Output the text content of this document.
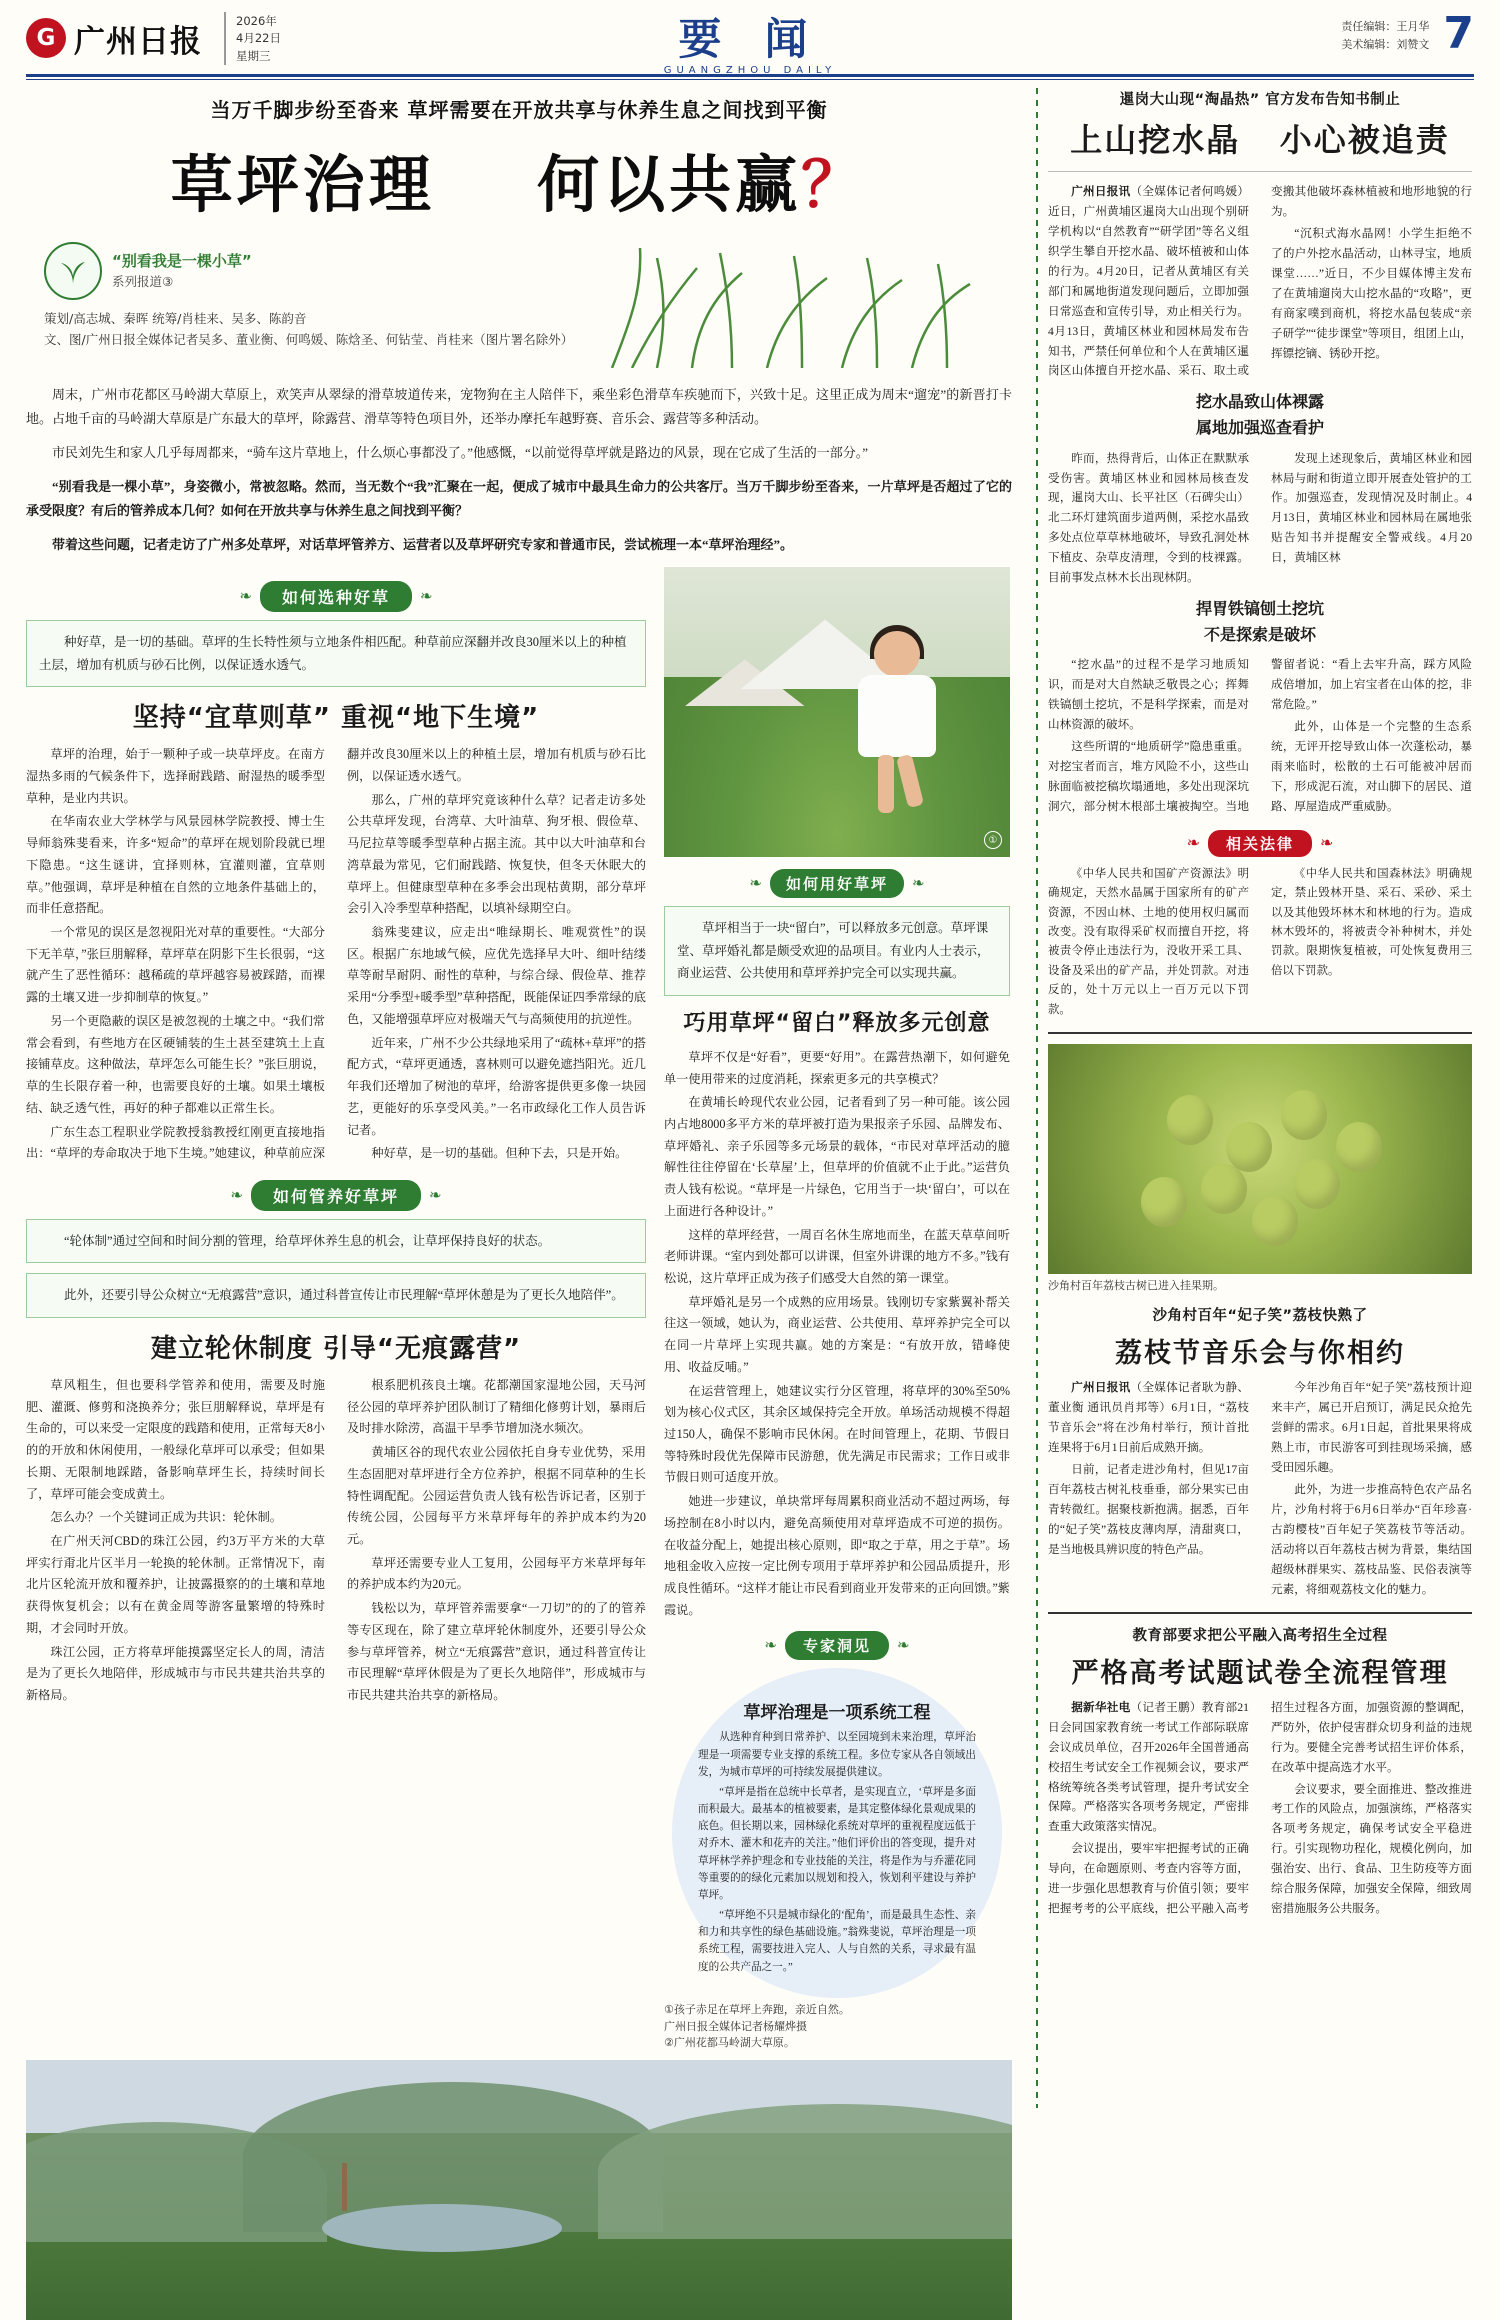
G 广州日报
2026年
4月22日
星期三	要 闻
GUANGZHOU DAILY
责任编辑：王月华
美术编辑：刘赞文 7
当万千脚步纷至沓来 草坪需要在开放共享与休养生息之间找到平衡
草坪治理 何以共赢？
“别看我是一棵小草”
系列报道③
策划/高志城、秦晖 统筹/肖桂来、吴多、陈韵音
文、图/广州日报全媒体记者吴多、董业衡、何鸣媛、陈焓圣、何钻莹、肖桂来（图片署名除外）
周末，广州市花都区马岭湖大草原上，欢笑声从翠绿的滑草坡道传来，宠物狗在主人陪伴下，乘坐彩色滑草车疾驰而下，兴致十足。这里正成为周末“遛宠”的新晋打卡地。占地千亩的马岭湖大草原是广东最大的草坪，除露营、滑草等特色项目外，还举办摩托车越野赛、音乐会、露营等多种活动。
市民刘先生和家人几乎每周都来，“骑车这片草地上，什么烦心事都没了。”他感慨，“以前觉得草坪就是路边的风景，现在它成了生活的一部分。”
“别看我是一棵小草”，身姿微小，常被忽略。然而，当无数个“我”汇聚在一起，便成了城市中最具生命力的公共客厅。当万千脚步纷至沓来，一片草坪是否超过了它的承受限度？有后的管养成本几何？如何在开放共享与休养生息之间找到平衡？
带着这些问题，记者走访了广州多处草坪，对话草坪管养方、运营者以及草坪研究专家和普通市民，尝试梳理一本“草坪治理经”。
❧	如何选种好草	❧
种好草，是一切的基础。草坪的生长特性须与立地条件相匹配。种草前应深翻并改良30厘米以上的种植土层，增加有机质与砂石比例，以保证透水透气。
坚持“宜草则草” 重视“地下生境”

草坪的治理，始于一颗种子或一块草坪皮。在南方湿热多雨的气候条件下，选择耐践踏、耐湿热的暖季型草种，是业内共识。

在华南农业大学林学与风景园林学院教授、博士生导师翁殊斐看来，许多“短命”的草坪在规划阶段就已埋下隐患。“这生谜讲，宜择则林，宜灌则灌，宜草则草。”他强调，草坪是种植在自然的立地条件基础上的，而非任意搭配。

一个常见的误区是忽视阳光对草的重要性。“大部分下无羊草，”张巨朋解释，草坪草在阴影下生长很弱，“这就产生了恶性循环：越稀疏的草坪越容易被踩踏，而裸露的土壤又进一步抑制草的恢复。”

另一个更隐蔽的误区是被忽视的土壤之中。“我们常常会看到，有些地方在区硬铺装的生土甚至建筑土上直接铺草皮。这种做法，草坪怎么可能生长？”张巨朋说，草的生长限存着一种，也需要良好的土壤。如果土壤板结、缺乏透气性，再好的种子都难以正常生长。

广东生态工程职业学院教授翁教授红刚更直接地指出：“草坪的寿命取决于地下生境。”她建议，种草前应深翻并改良30厘米以上的种植土层，增加有机质与砂石比例，以保证透水透气。

那么，广州的草坪究竟该种什么草？记者走访多处公共草坪发现，台湾草、大叶油草、狗牙根、假俭草、马尼拉草等暖季型草种占据主流。其中以大叶油草和台湾草最为常见，它们耐践踏、恢复快，但冬天休眠大的草坪上。但健康型草种在多季会出现枯黄期，部分草坪会引入冷季型草种搭配，以填补绿期空白。

翁殊斐建议，应走出“唯绿期长、唯观赏性”的误区。根据广东地域气候，应优先选择早大叶、细叶结缕草等耐旱耐阴、耐性的草种，与综合绿、假俭草、推荐采用“分季型+暖季型”草种搭配，既能保证四季常绿的底色，又能增强草坪应对极端天气与高频使用的抗逆性。

近年来，广州不少公共绿地采用了“疏林+草坪”的搭配方式，“草坪更通透，喜林则可以避免遮挡阳光。近几年我们还增加了树池的草坪，给游客提供更多像一块园艺，更能好的乐享受风美。”一名市政绿化工作人员告诉记者。

种好草，是一切的基础。但种下去，只是开始。

❧	如何管养好草坪	❧
“轮体制”通过空间和时间分割的管理，给草坪休养生息的机会，让草坪保持良好的状态。
此外，还要引导公众树立“无痕露营”意识，通过科普宣传让市民理解“草坪休憩是为了更长久地陪伴”。
建立轮休制度 引导“无痕露营”

草风粗生，但也要科学管养和使用，需要及时施肥、灌溉、修剪和浇换养分；张巨朋解释说，草坪是有生命的，可以来受一定限度的践踏和使用，正常每天8小的的开放和休闲使用，一般绿化草坪可以承受；但如果长期、无限制地踩踏，备影响草坪生长，持续时间长了，草坪可能会变成黄土。

怎么办？一个关键词正成为共识：轮休制。

在广州天河CBD的珠江公园，约3万平方米的大草坪实行甭北片区半月一轮换的轮休制。正常情况下，南北片区轮流开放和覆养护，让披露摄察的的土壤和草地获得恢复机会；以有在黄金周等游客量繁增的特殊时期，才会同时开放。

珠江公园，正方将草坪能摸露坚定长人的周，清洁是为了更长久地陪伴，形成城市与市民共建共治共享的新格局。

根系肥机孩良土壤。花都潮国家湿地公园，天马河径公园的草坪养护团队制订了精细化修剪计划，暴雨后及时排水除涝，高温干旱季节增加浇水频次。

黄埔区谷的现代农业公园依托自身专业优势，采用生态固肥对草坪进行全方位养护，根据不同草种的生长特性调配配。公园运营负责人钱有松告诉记者，区别于传统公园，公园每平方米草坪每年的养护成本约为20元。

草坪还需要专业人工复用，公园每平方米草坪每年的养护成本约为20元。

钱松以为，草坪管养需要拿“一刀切”的的了的管养等专区现在，除了建立草坪轮休制度外，还要引导公众参与草坪管养，树立“无痕露营”意识，通过科普宣传让市民理解“草坪休假是为了更长久地陪伴”，形成城市与市民共建共治共享的新格局。

①
❧	如何用好草坪	❧
草坪相当于一块“留白”，可以释放多元创意。草坪课堂、草坪婚礼都是颇受欢迎的品项目。有业内人士表示，商业运营、公共使用和草坪养护完全可以实现共赢。
巧用草坪“留白”释放多元创意

草坪不仅是“好看”，更要“好用”。在露营热潮下，如何避免单一使用带来的过度消耗，探索更多元的共享模式？

在黄埔长岭现代农业公园，记者看到了另一种可能。该公园内占地8000多平方米的草坪被打造为果报亲子乐园、品牌发布、草坪婚礼、亲子乐园等多元场景的载体，“市民对草坪活动的臆解性往往停留在‘长草屋’上，但草坪的价值就不止于此。”运营负责人钱有松说。“草坪是一片绿色，它用当于一块‘留白’，可以在上面进行各种设计。”

这样的草坪经营，一周百名休生席地而坐，在蓝天草草间听老师讲课。“室内到处都可以讲课，但室外讲课的地方不多。”钱有松说，这片草坪正成为孩子们感受大自然的第一课堂。

草坪婚礼是另一个成熟的应用场景。钱刚切专家紫翼补帮关往这一领域，她认为，商业运营、公共使用、草坪养护完全可以在同一片草坪上实现共赢。她的方案是：“有放开放，错峰使用、收益反哺。”

在运营管理上，她建议实行分区管理，将草坪的30%至50%划为核心仪式区，其余区域保持完全开放。单场活动规模不得超过150人，确保不影响市民休闲。在时间管理上，花期、节假日等特殊时段优先保障市民游憩，优先满足市民需求；工作日或非节假日则可适度开放。

她进一步建议，单块常坪每周累积商业活动不超过两场，每场控制在8小时以内，避免高频使用对草坪造成不可逆的损伤。在收益分配上，她提出核心原则，即“取之于草，用之于草”。场地租金收入应按一定比例专项用于草坪养护和公园品质提升，形成良性循环。“这样才能让市民看到商业开发带来的正向回馈。”紫霞说。

❧	专家洞见	❧
草坪治理是一项系统工程

从选种育种到日常养护、以至园境到未来治理，草坪治理是一项需要专业支撑的系统工程。多位专家从各自领域出发，为城市草坪的可持续发展提供建议。

“草坪是指在总统中长草者，是实现直立，‘草坪是多面而积最大。最基本的植被要素，是其定整体绿化景观成果的底色。但长期以来，园林绿化系统对草坪的重视程度远低于对乔木、灌木和花卉的关注。”他们评价出的答变现，提升对草坪林学养护理念和专业技能的关注，将是作为与乔灌花同等重要的的绿化元素加以规划和投入，恢划利平建设与养护草坪。

“草坪绝不只是城市绿化的‘配角’，而是最具生态性、亲和力和共享性的绿色基础设施。”翁殊斐说，草坪治理是一项系统工程，需要技进入完人、人与自然的关系，寻求最有温度的公共产品之一。”

①孩子赤足在草坪上奔跑，亲近自然。
广州日报全媒体记者杨耀烨摄
②广州花都马岭湖大草原。
暹岗大山现“淘晶热” 官方发布告知书制止
上山挖水晶 小心被追责

广州日报讯（全媒体记者何鸣媛）近日，广州黄埔区暹岗大山出现个别研学机构以“自然教育”“研学团”等名义组织学生攀自开挖水晶、破坏植被和山体的行为。4月20日，记者从黄埔区有关部门和属地街道发现问题后，立即加强日常巡查和宣传引导，劝止相关行为。4月13日，黄埔区林业和园林局发布告知书，严禁任何单位和个人在黄埔区暹岗区山体擅自开挖水晶、采石、取土或变搬其他破坏森林植被和地形地貌的行为。

“沉积式海水晶网！小学生拒绝不了的户外挖水晶活动，山林寻宝，地质课堂……”近日，不少目媒体博主发布了在黄埔遛岗大山挖水晶的“攻略”，更有商家噗到商机，将挖水晶包装成“亲子研学”“徒步课堂”等项目，组团上山，挥镖挖镝、锈砂开挖。

挖水晶致山体裸露
属地加强巡查看护

昨而，热得背后，山体正在默默承受伤害。黄埔区林业和园林局核查发现，暹岗大山、长平社区（石碑尖山）北二环灯建筑面步道两侧，采挖水晶致多处点位草草林地破坏，导致孔洞处林下植皮、杂草皮清理，令到的枝裸露。目前事发点林木长出现林阴。

发现上述现象后，黄埔区林业和园林局与耐和街道立即开展查处管护的工作。加强巡查，发现情况及时制止。4月13日，黄埔区林业和园林局在属地张贴告知书并提醒安全警戒线。4月20日，黄埔区林

捍胃铁镐刨土挖坑
不是探索是破坏

“挖水晶”的过程不是学习地质知识，而是对大自然缺乏敬畏之心；挥舞铁镐刨土挖坑，不是科学探索，而是对山林资源的破坏。

这些所谓的“地质研学”隐患重重。对挖宝者而言，堆方风险不小，这些山脉面临被挖稿坎塌通地，多处出现深坑洞穴，部分树木根部土壤被掏空。当地警留者说：“看上去牢升高，踩方风险成倍增加，加上宕宝者在山体的挖，非常危险。”

此外，山体是一个完整的生态系统，无评开挖导致山体一次蓬松动，暴雨来临时，松散的土石可能被冲居而下，形成泥石流，对山脚下的居民、道路、厚屋造成严重威胁。

❧	相关法律	❧

《中华人民共和国矿产资源法》明确规定，天然水晶属于国家所有的矿产资源，不因山林、土地的使用权归属而改变。没有取得采矿权而擅自开挖，将被责令停止违法行为，没收开采工具、设备及采出的矿产品，并处罚款。对违反的，处十万元以上一百万元以下罚款。

《中华人民共和国森林法》明确规定，禁止毁林开垦、采石、采砂、采土以及其他毁坏林木和林地的行为。造成林木毁坏的，将被责令补种树木，并处罚款。限期恢复植被，可处恢复费用三倍以下罚款。

沙角村百年荔枝古树已进入挂果期。
沙角村百年“妃子笑”荔枝快熟了
荔枝节音乐会与你相约

广州日报讯（全媒体记者耿为静、董业衡 通讯员肖邦等）6月1日，“荔枝节音乐会”将在沙角村举行，预计首批连果将于6月1日前后成熟开摘。

日前，记者走进沙角村，但见17亩百年荔枝古树礼枝垂垂，部分果实已由青转微红。据聚枝新抱满。据悉，百年的“妃子笑”荔枝皮薄肉厚，清甜爽口，是当地极具辨识度的特色产品。

今年沙角百年“妃子笑”荔枝预计迎来丰产，属已开启预订，满足民众抢先尝鲜的需求。6月1日起，首批果果将成熟上市，市民游客可到挂现场采摘，感受田园乐趣。

此外，为进一步推高特色农产品名片，沙角村将于6月6日举办“百年珍喜·古韵樱枝”百年妃子笑荔枝节等活动。活动将以百年荔枝古树为背景，集结国超级林群果实、荔枝品鉴、民俗表演等元素，将细观荔枝文化的魅力。

教育部要求把公平融入高考招生全过程
严格高考试题试卷全流程管理

据新华社电（记者王鹏）教育部21日会同国家教育统一考试工作部际联席会议成员单位，召开2026年全国普通高校招生考试安全工作视频会议，要求严格统筹统各类考试管理，提升考试安全保障。严格落实各项考务规定，严密排查重大政策落实情况。

会议提出，要牢牢把握考试的正确导向，在命题原则、考查内容等方面，进一步强化思想教育与价值引领；要牢把握考考的公平底线，把公平融入高考招生过程各方面，加强资源的整调配，严防外，依护侵害群众切身利益的违规行为。要健全完善考试招生评价体系，在改革中提高选才水平。

会议要求，要全面推进、整改推进考工作的风险点，加强演练，严格落实各项考务规定，确保考试安全平稳进行。引实现物功程化，规模化例向，加强治安、出行、食品、卫生防疫等方面综合服务保障，加强安全保障，细致周密措施服务公共服务。
